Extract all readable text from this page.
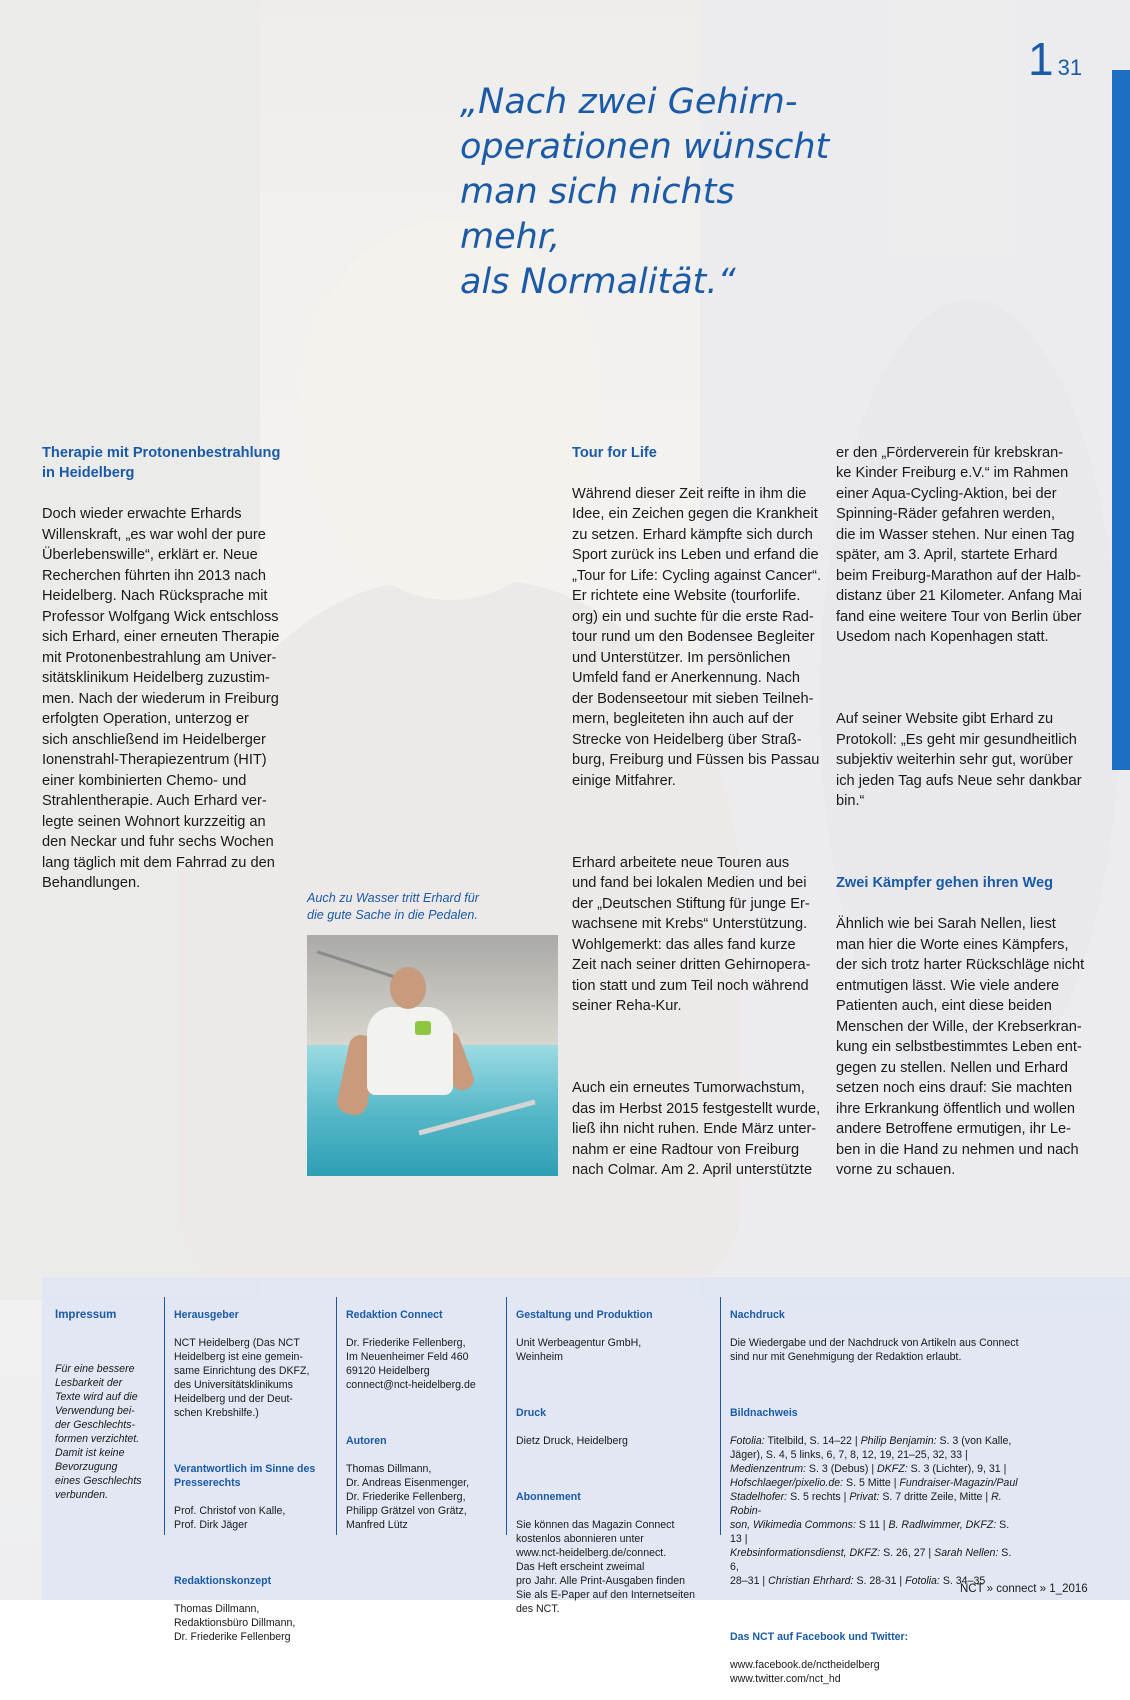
1 31

„Nach zwei Gehirn-
operationen wünscht
man sich nichts mehr,
als Normalität.“

Therapie mit Protonenbestrahlung
in Heidelberg

Doch wieder erwachte Erhards
Willenskraft, „es war wohl der pure
Überlebenswille“, erklärt er. Neue
Recherchen führten ihn 2013 nach
Heidelberg. Nach Rücksprache mit
Professor Wolfgang Wick entschloss
sich Erhard, einer erneuten Therapie
mit Protonenbestrahlung am Univer-
sitätsklinikum Heidelberg zuzustim-
men. Nach der wiederum in Freiburg
erfolgten Operation, unterzog er
sich anschließend im Heidelberger
Ionenstrahl-Therapiezentrum (HIT)
einer kombinierten Chemo- und
Strahlentherapie. Auch Erhard ver-
legte seinen Wohnort kurzzeitig an
den Neckar und fuhr sechs Wochen
lang täglich mit dem Fahrrad zu den
Behandlungen.

Tour for Life

Während dieser Zeit reifte in ihm die
Idee, ein Zeichen gegen die Krankheit
zu setzen. Erhard kämpfte sich durch
Sport zurück ins Leben und erfand die
„Tour for Life: Cycling against Cancer“.
Er richtete eine Website (tourforlife.
org) ein und suchte für die erste Rad-
tour rund um den Bodensee Begleiter
und Unterstützer. Im persönlichen
Umfeld fand er Anerkennung. Nach
der Bodenseetour mit sieben Teilneh-
mern, begleiteten ihn auch auf der
Strecke von Heidelberg über Straß-
burg, Freiburg und Füssen bis Passau
einige Mitfahrer.

Erhard arbeitete neue Touren aus
und fand bei lokalen Medien und bei
der „Deutschen Stiftung für junge Er-
wachsene mit Krebs“ Unterstützung.
Wohlgemerkt: das alles fand kurze
Zeit nach seiner dritten Gehirnopera-
tion statt und zum Teil noch während
seiner Reha-Kur.

Auch ein erneutes Tumorwachstum,
das im Herbst 2015 festgestellt wurde,
ließ ihn nicht ruhen. Ende März unter-
nahm er eine Radtour von Freiburg
nach Colmar. Am 2. April unterstützte

er den „Förderverein für krebskran-
ke Kinder Freiburg e.V.“ im Rahmen
einer Aqua-Cycling-Aktion, bei der
Spinning-Räder gefahren werden,
die im Wasser stehen. Nur einen Tag
später, am 3. April, startete Erhard
beim Freiburg-Marathon auf der Halb-
distanz über 21 Kilometer. Anfang Mai
fand eine weitere Tour von Berlin über
Usedom nach Kopenhagen statt.

Auf seiner Website gibt Erhard zu
Protokoll: „Es geht mir gesundheitlich
subjektiv weiterhin sehr gut, worüber
ich jeden Tag aufs Neue sehr dankbar
bin.“

Zwei Kämpfer gehen ihren Weg

Ähnlich wie bei Sarah Nellen, liest
man hier die Worte eines Kämpfers,
der sich trotz harter Rückschläge nicht
entmutigen lässt. Wie viele andere
Patienten auch, eint diese beiden
Menschen der Wille, der Krebserkran-
kung ein selbstbestimmtes Leben ent-
gegen zu stellen. Nellen und Erhard
setzen noch eins drauf: Sie machten
ihre Erkrankung öffentlich und wollen
andere Betroffene ermutigen, ihr Le-
ben in die Hand zu nehmen und nach
vorne zu schauen.

Auch zu Wasser tritt Erhard für
die gute Sache in die Pedalen.

Impressum

Für eine bessere
Lesbarkeit der
Texte wird auf die
Verwendung bei-
der Geschlechts-
formen verzichtet.
Damit ist keine
Bevorzugung
eines Geschlechts
verbunden.

Herausgeber

NCT Heidelberg (Das NCT
Heidelberg ist eine gemein-
same Einrichtung des DKFZ,
des Universitätsklinikums
Heidelberg und der Deut-
schen Krebshilfe.)

Verantwortlich im Sinne des
Presserechts

Prof. Christof von Kalle,
Prof. Dirk Jäger

Redaktionskonzept

Thomas Dillmann,
Redaktionsbüro Dillmann,
Dr. Friederike Fellenberg

Redaktion Connect

Dr. Friederike Fellenberg,
Im Neuenheimer Feld 460
69120 Heidelberg
connect@nct-heidelberg.de

Autoren

Thomas Dillmann,
Dr. Andreas Eisenmenger,
Dr. Friederike Fellenberg,
Philipp Grätzel von Grätz,
Manfred Lütz

Gestaltung und Produktion

Unit Werbeagentur GmbH,
Weinheim

Druck

Dietz Druck, Heidelberg

Abonnement

Sie können das Magazin Connect
kostenlos abonnieren unter
www.nct-heidelberg.de/connect.
Das Heft erscheint zweimal
pro Jahr. Alle Print-Ausgaben finden
Sie als E-Paper auf den Internetseiten
des NCT.

Nachdruck

Die Wiedergabe und der Nachdruck von Artikeln aus Connect
sind nur mit Genehmigung der Redaktion erlaubt.

Bildnachweis

Fotolia: Titelbild, S. 14–22 | Philip Benjamin: S. 3 (von Kalle,
Jäger), S. 4, 5 links, 6, 7, 8, 12, 19, 21–25, 32, 33 |
Medienzentrum: S. 3 (Debus) | DKFZ: S. 3 (Lichter), 9, 31 |
Hofschlaeger/pixelio.de: S. 5 Mitte | Fundraiser-Magazin/Paul
Stadelhofer: S. 5 rechts | Privat: S. 7 dritte Zeile, Mitte | R. Robin-
son, Wikimedia Commons: S 11 | B. Radlwimmer, DKFZ: S. 13 |
Krebsinformationsdienst, DKFZ: S. 26, 27 | Sarah Nellen: S. 6,
28–31 | Christian Ehrhard: S. 28-31 | Fotolia: S. 34–35

Das NCT auf Facebook und Twitter:

www.facebook.de/nctheidelberg
www.twitter.com/nct_hd

NCT » connect » 1_2016
